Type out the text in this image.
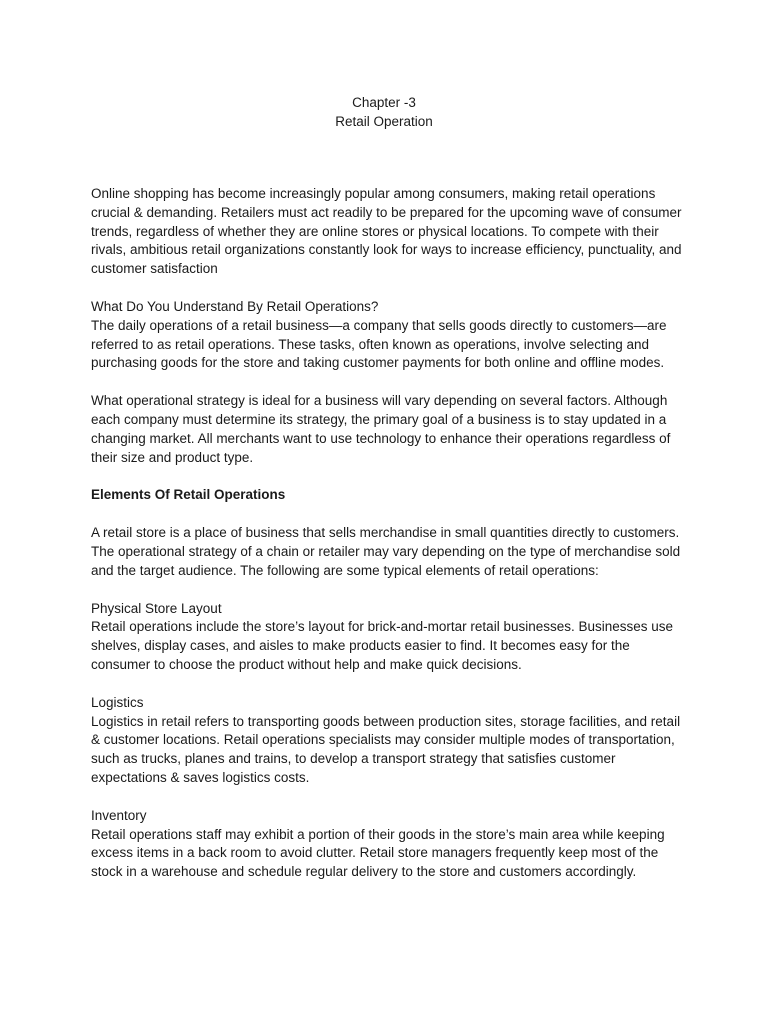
Chapter -3
Retail Operation

Online shopping has become increasingly popular among consumers, making retail operations crucial & demanding. Retailers must act readily to be prepared for the upcoming wave of consumer trends, regardless of whether they are online stores or physical locations. To compete with their rivals, ambitious retail organizations constantly look for ways to increase efficiency, punctuality, and customer satisfaction

What Do You Understand By Retail Operations?

The daily operations of a retail business—a company that sells goods directly to customers—are referred to as retail operations. These tasks, often known as operations, involve selecting and purchasing goods for the store and taking customer payments for both online and offline modes.

What operational strategy is ideal for a business will vary depending on several factors. Although each company must determine its strategy, the primary goal of a business is to stay updated in a changing market. All merchants want to use technology to enhance their operations regardless of their size and product type.

Elements Of Retail Operations

A retail store is a place of business that sells merchandise in small quantities directly to customers.

The operational strategy of a chain or retailer may vary depending on the type of merchandise sold and the target audience. The following are some typical elements of retail operations:

Physical Store Layout

Retail operations include the store’s layout for brick-and-mortar retail businesses. Businesses use shelves, display cases, and aisles to make products easier to find. It becomes easy for the consumer to choose the product without help and make quick decisions.

Logistics

Logistics in retail refers to transporting goods between production sites, storage facilities, and retail & customer locations. Retail operations specialists may consider multiple modes of transportation, such as trucks, planes and trains, to develop a transport strategy that satisfies customer expectations & saves logistics costs.

Inventory

Retail operations staff may exhibit a portion of their goods in the store’s main area while keeping excess items in a back room to avoid clutter. Retail store managers frequently keep most of the stock in a warehouse and schedule regular delivery to the store and customers accordingly.
